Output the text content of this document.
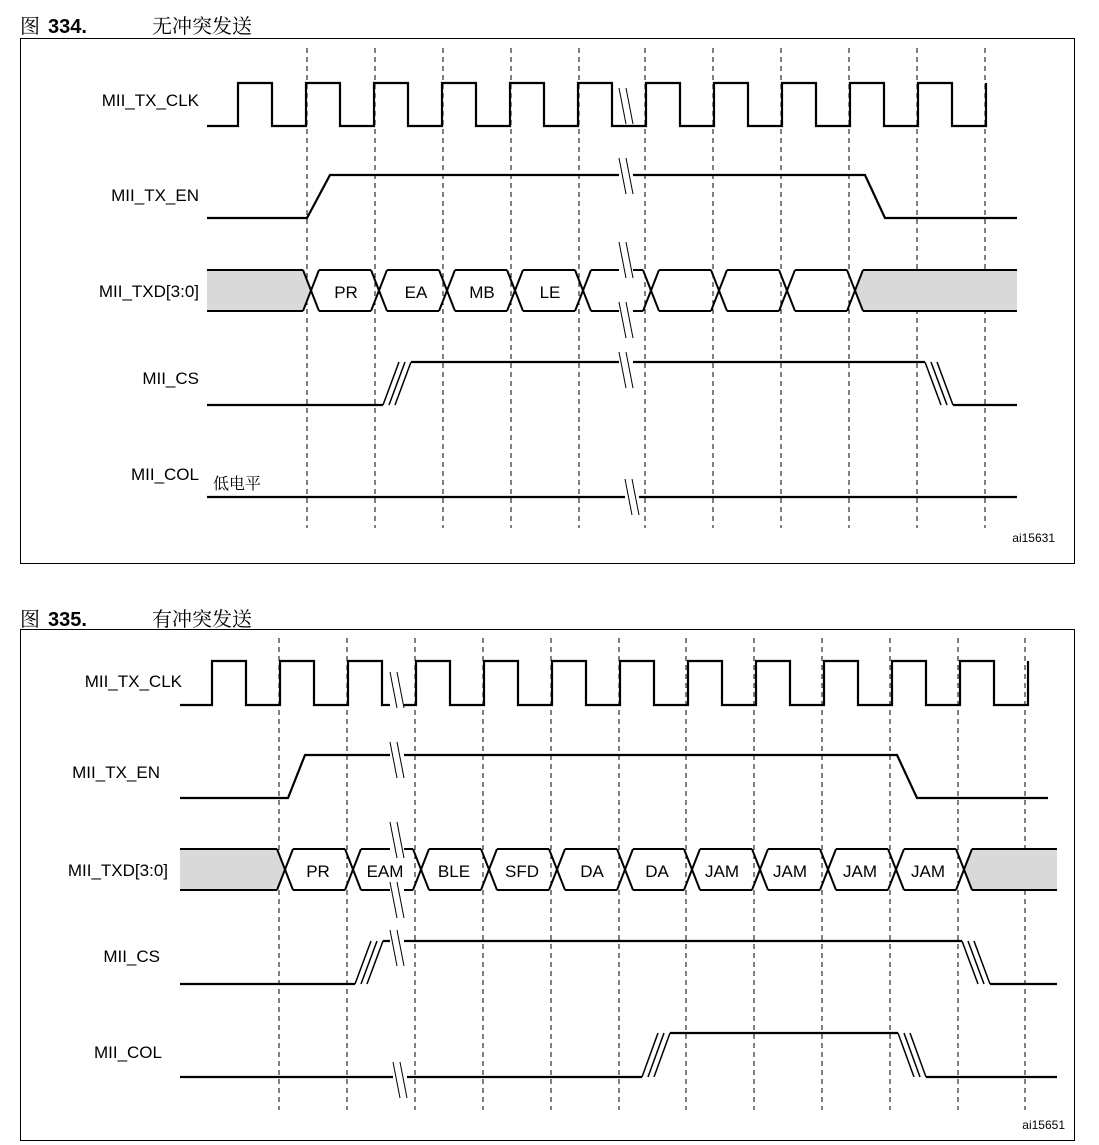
图 334.	无冲突发送
MII_TX_CLK
MII_TX_EN
MII_TXD[3:0]
MII_CS
MII_COL 低电平
PR	EA MB	LE
ai15631
图 335.	有冲突发送
MII_TX_CLK
MII_TX_EN
MII_TXD[3:0]
MII_CS
MII_COL
PR EAM BLE SFD DA DA JAM JAM JAM JAM
ai15651
